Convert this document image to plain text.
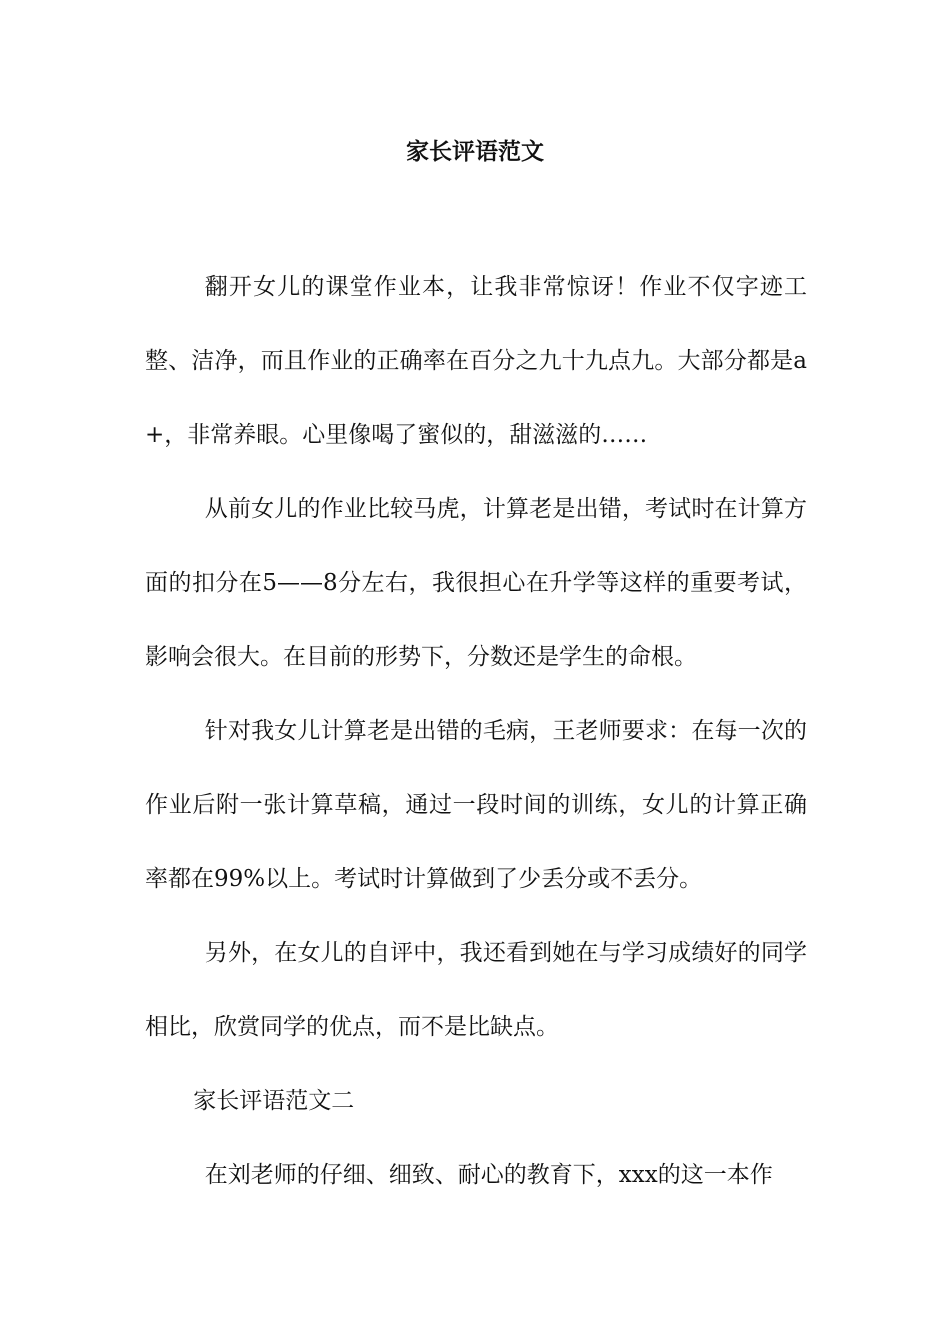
家长评语范文

翻开女儿的课堂作业本，让我非常惊讶！作业不仅字迹工整、洁净，而且作业的正确率在百分之九十九点九。大部分都是a+，非常养眼。心里像喝了蜜似的，甜滋滋的……

从前女儿的作业比较马虎，计算老是出错，考试时在计算方面的扣分在5——8分左右，我很担心在升学等这样的重要考试，影响会很大。在目前的形势下，分数还是学生的命根。

针对我女儿计算老是出错的毛病，王老师要求：在每一次的作业后附一张计算草稿，通过一段时间的训练，女儿的计算正确率都在99%以上。考试时计算做到了少丢分或不丢分。

另外，在女儿的自评中，我还看到她在与学习成绩好的同学相比，欣赏同学的优点，而不是比缺点。

家长评语范文二

在刘老师的仔细、细致、耐心的教育下，xxx的这一本作
